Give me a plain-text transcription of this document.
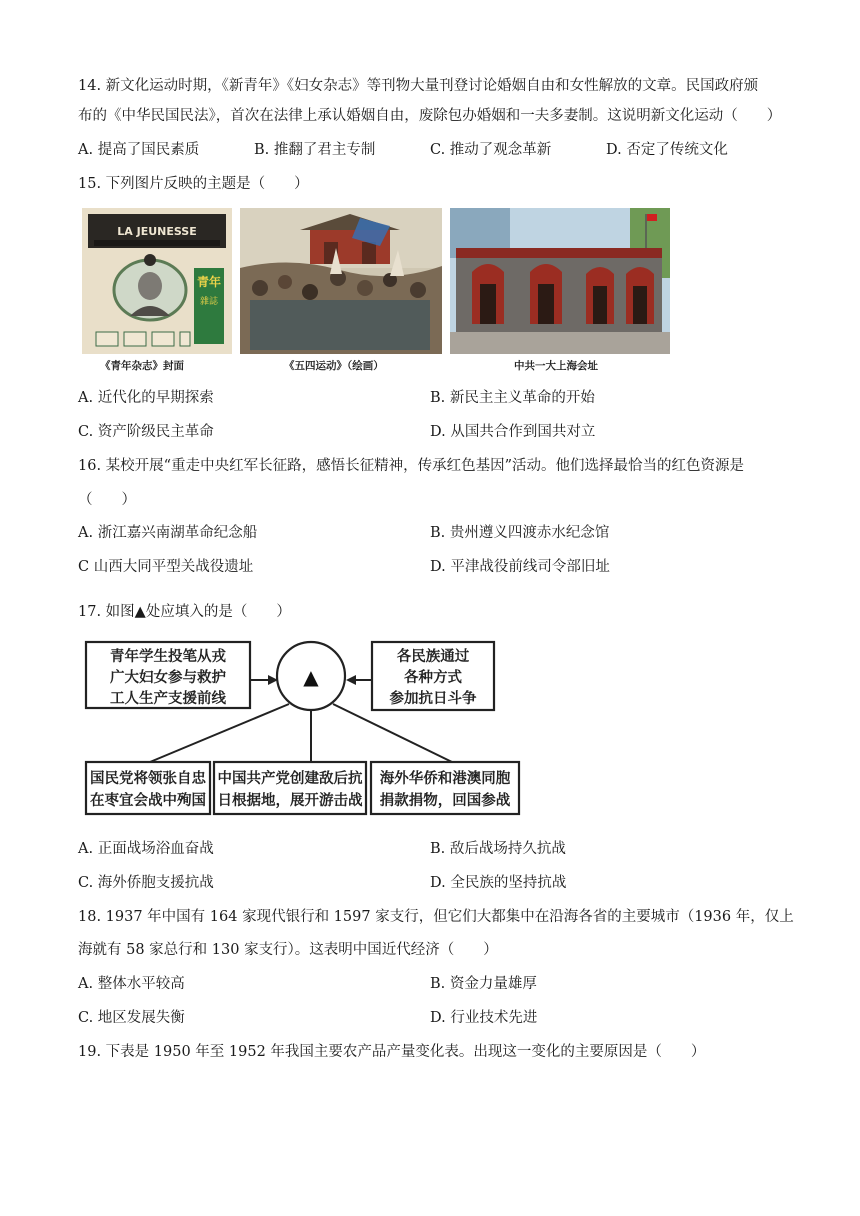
14. 新文化运动时期，《新青年》《妇女杂志》等刊物大量刊登讨论婚姻自由和女性解放的文章。民国政府颁
布的《中华民国民法》，首次在法律上承认婚姻自由，废除包办婚姻和一夫多妻制。这说明新文化运动（　　）
A. 提高了国民素质	B. 推翻了君主专制	C. 推动了观念革新	D. 否定了传统文化
15. 下列图片反映的主题是（　　）
LA JEUNESSE
青年
雜誌
《青年杂志》封面	《五四运动》（绘画）	中共一大上海会址
A. 近代化的早期探索	B. 新民主主义革命的开始
C. 资产阶级民主革命	D. 从国共合作到国共对立
16. 某校开展“重走中央红军长征路，感悟长征精神，传承红色基因”活动。他们选择最恰当的红色资源是
（　　）
A. 浙江嘉兴南湖革命纪念船	B. 贵州遵义四渡赤水纪念馆
C 山西大同平型关战役遗址	D. 平津战役前线司令部旧址
17. 如图▲处应填入的是（　　）
青年学生投笔从戎
广大妇女参与救护
工人生产支援前线
▲
各民族通过
各种方式
参加抗日斗争
国民党将领张自忠
在枣宜会战中殉国
中国共产党创建敌后抗
日根据地，展开游击战
海外华侨和港澳同胞
捐款捐物，回国参战
A. 正面战场浴血奋战	B. 敌后战场持久抗战
C. 海外侨胞支援抗战	D. 全民族的坚持抗战
18. 1937 年中国有 164 家现代银行和 1597 家支行，但它们大都集中在沿海各省的主要城市（1936 年，仅上
海就有 58 家总行和 130 家支行）。这表明中国近代经济（　　）
A. 整体水平较高	B. 资金力量雄厚
C. 地区发展失衡	D. 行业技术先进
19. 下表是 1950 年至 1952 年我国主要农产品产量变化表。出现这一变化的主要原因是（　　）
